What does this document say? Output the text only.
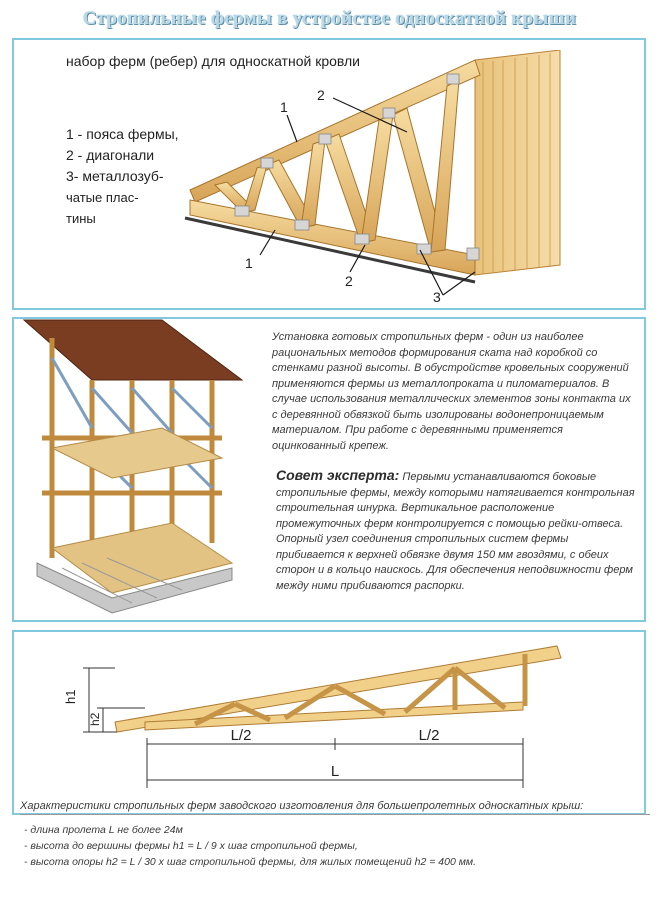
Стропильные фермы в устройстве односкатной крыши
набор ферм (ребер) для односкатной кровли
1 - пояса фермы,
2 - диагонали
3- металлозуб-
чатые плас-
тины
1
2
1
2
3
Установка готовых стропильных ферм - один из наиболее рациональных методов формирования ската над коробкой со стенками разной высоты. В обустройстве кровельных сооружений применяются фермы из металлопроката и пиломатериалов. В случае использования металлических элементов зоны контакта их с деревянной обвязкой быть изолированы водонепроницаемым материалом. При работе с деревянными применяется оцинкованный крепеж.
Совет эксперта: Первыми устанавливаются боковые стропильные фермы, между которыми натягивается контрольная строительная шнурка. Вертикальное расположение промежуточных ферм контролируется с помощью рейки-отвеса. Опорный узел соединения стропильных систем фермы прибивается к верхней обвязке двумя 150 мм гвоздями, с обеих сторон и в кольцо наискось. Для обеспечения неподвижности ферм между ними прибиваются распорки.
h1
h2
L/2	L/2
L
Характеристики стропильных ферм заводского изготовления для большепролетных односкатных крыш:
- длина пролета L не более 24м
- высота до вершины фермы h1 = L / 9 х шаг стропильной фермы,
- высота опоры h2 = L / 30 х шаг стропильной фермы, для жилых помещений h2 = 400 мм.
